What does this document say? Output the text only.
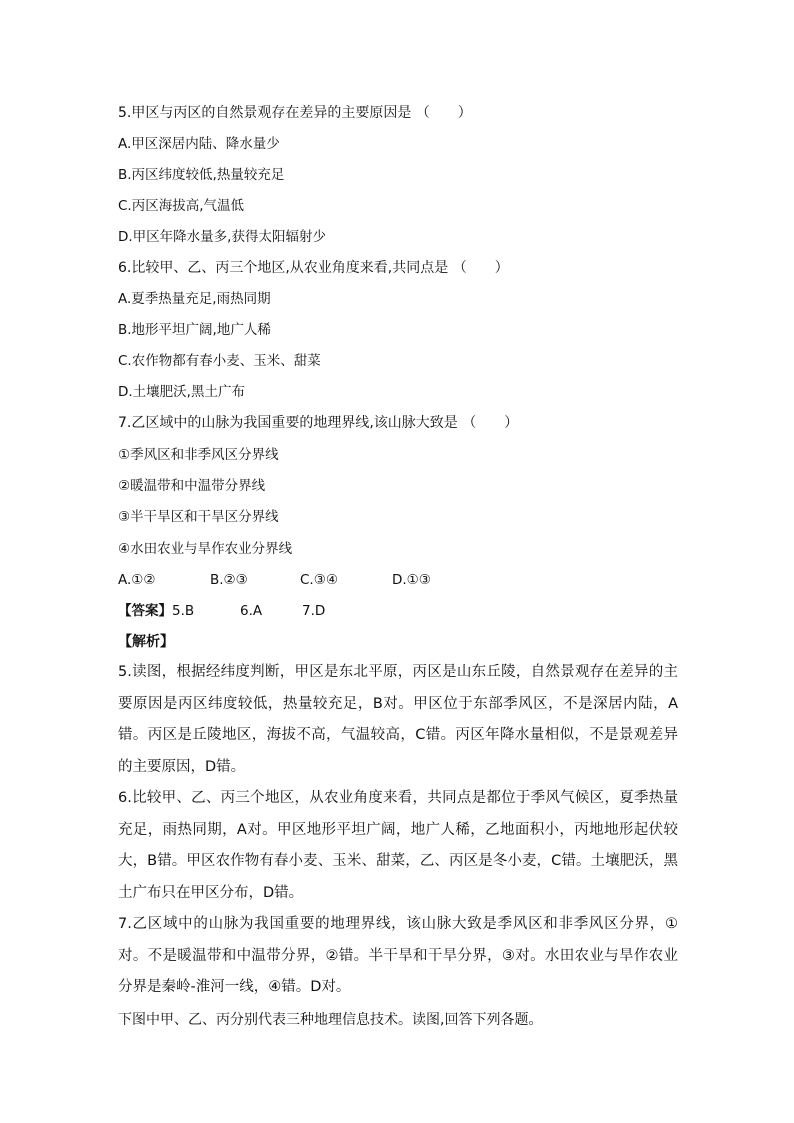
5.甲区与丙区的自然景观存在差异的主要原因是 （　　）
A.甲区深居内陆、降水量少
B.丙区纬度较低,热量较充足
C.丙区海拔高,气温低
D.甲区年降水量多,获得太阳辐射少
6.比较甲、乙、丙三个地区,从农业角度来看,共同点是 （　　）
A.夏季热量充足,雨热同期
B.地形平坦广阔,地广人稀
C.农作物都有春小麦、玉米、甜菜
D.土壤肥沃,黑土广布
7.乙区域中的山脉为我国重要的地理界线,该山脉大致是 （　　）
①季风区和非季风区分界线
②暖温带和中温带分界线
③半干旱区和干旱区分界线
④水田农业与旱作农业分界线
A.①②	B.②③	C.③④	D.①③
【答案】5.B	6.A	7.D
【解析】
5.读图，根据经纬度判断，甲区是东北平原，丙区是山东丘陵，自然景观存在差异的主要原因是丙区纬度较低，热量较充足，B对。甲区位于东部季风区，不是深居内陆，A错。丙区是丘陵地区，海拔不高，气温较高，C错。丙区年降水量相似，不是景观差异的主要原因，D错。
6.比较甲、乙、丙三个地区，从农业角度来看，共同点是都位于季风气候区，夏季热量充足，雨热同期，A对。甲区地形平坦广阔，地广人稀，乙地面积小，丙地地形起伏较大，B错。甲区农作物有春小麦、玉米、甜菜，乙、丙区是冬小麦，C错。土壤肥沃，黑土广布只在甲区分布，D错。
7.乙区域中的山脉为我国重要的地理界线，该山脉大致是季风区和非季风区分界，①对。不是暖温带和中温带分界，②错。半干旱和干旱分界，③对。水田农业与旱作农业分界是秦岭-淮河一线，④错。D对。
下图中甲、乙、丙分别代表三种地理信息技术。读图,回答下列各题。
